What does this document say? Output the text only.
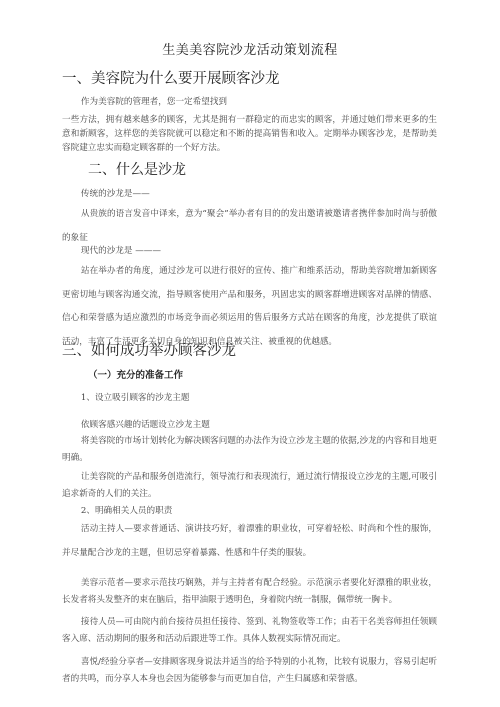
生美美容院沙龙活动策划流程
一、美容院为什么要开展顾客沙龙
作为美容院的管理者，您一定希望找到
一些方法，拥有越来越多的顾客，尤其是拥有一群稳定的而忠实的顾客，并通过她们带来更多的生意和新顾客，这样您的美容院就可以稳定和不断的提高销售和收入。定期举办顾客沙龙，是帮助美容院建立忠实而稳定顾客群的一个好方法。
二、什么是沙龙
传统的沙龙是——
从贵族的语言发音中译来，意为“聚会”举办者有目的的发出邀请被邀请者携伴参加时尚与骄傲的象征
现代的沙龙是 ———
站在举办者的角度，通过沙龙可以进行很好的宣传、推广和维系活动，帮助美容院增加新顾客更密切地与顾客沟通交流，指导顾客使用产品和服务，巩固忠实的顾客群增进顾客对品牌的情感、信心和荣誉感为适应激烈的市场竞争而必须运用的售后服务方式站在顾客的角度，沙龙提供了联谊活动，丰富了生活更多关切自身的知识和信息被关注、被重视的优越感。
三、如何成功举办顾客沙龙
（一）充分的准备工作
1、设立吸引顾客的沙龙主题
依顾客感兴趣的话题设立沙龙主题
将美容院的市场计划转化为解决顾客问题的办法作为设立沙龙主题的依据,沙龙的内容和目地更明确。
让美容院的产品和服务创造流行，领导流行和表现流行，通过流行情报设立沙龙的主题,可吸引追求新奇的人们的关注。
2、明确相关人员的职责
活动主持人—要求普通话、演讲技巧好，着漂雅的职业妆，可穿着轻松、时尚和个性的服饰，并尽量配合沙龙的主题，但切忌穿着暴露、性感和牛仔类的服装。
美容示范者—要求示范技巧娴熟，并与主持者有配合经验。示范演示者要化好漂雅的职业妆，长发者将头发整齐的束在脑后，指甲油限于透明色，身着院内统一制服，佩带统一胸卡。
接待人员—可由院内前台接待员担任接待、签到、礼物签收等工作；由若干名美容师担任领顾客入席、活动期间的服务和活动后跟进等工作。具体人数视实际情况而定。
喜悦/经验分享者—安排顾客现身说法并适当的给予特别的小礼物，比较有说服力，容易引起听者的共鸣，而分享人本身也会因为能够参与而更加自信，产生归属感和荣誉感。
